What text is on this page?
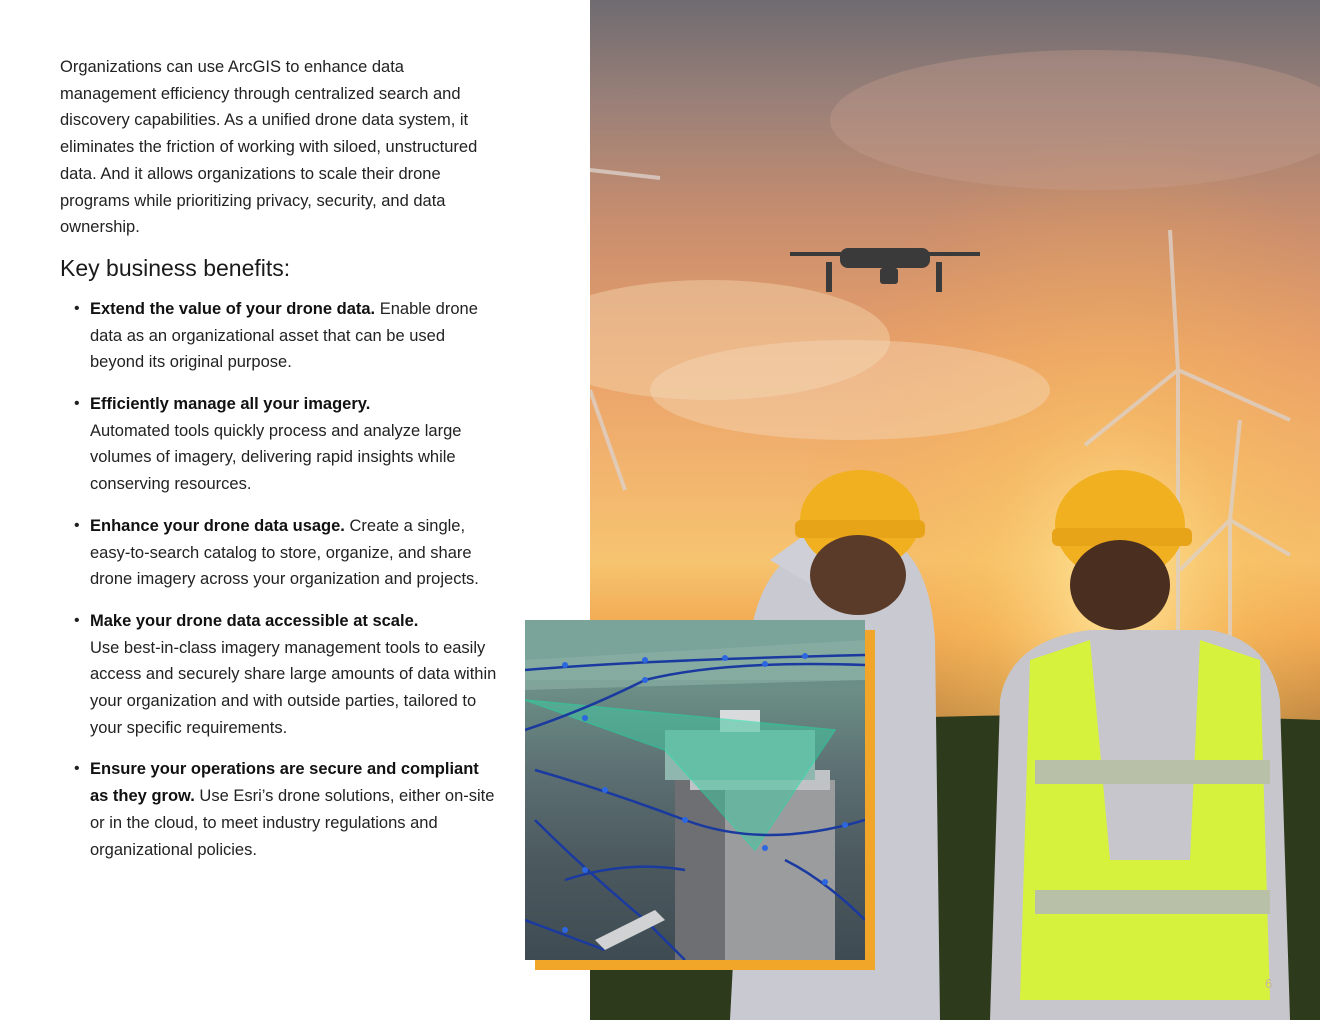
Organizations can use ArcGIS to enhance data management efficiency through centralized search and discovery capabilities. As a unified drone data system, it eliminates the friction of working with siloed, unstructured data. And it allows organizations to scale their drone programs while prioritizing privacy, security, and data ownership.

Key business benefits:
• Extend the value of your drone data. Enable drone data as an organizational asset that can be used beyond its original purpose.
• Efficiently manage all your imagery.
Automated tools quickly process and analyze large volumes of imagery, delivering rapid insights while conserving resources.
• Enhance your drone data usage. Create a single, easy-to-search catalog to store, organize, and share drone imagery across your organization and projects.
• Make your drone data accessible at scale.
Use best-in-class imagery management tools to easily access and securely share large amounts of data within your organization and with outside parties, tailored to your specific requirements.
• Ensure your operations are secure and compliant as they grow. Use Esri’s drone solutions, either on-site or in the cloud, to meet industry regulations and organizational policies.
6
